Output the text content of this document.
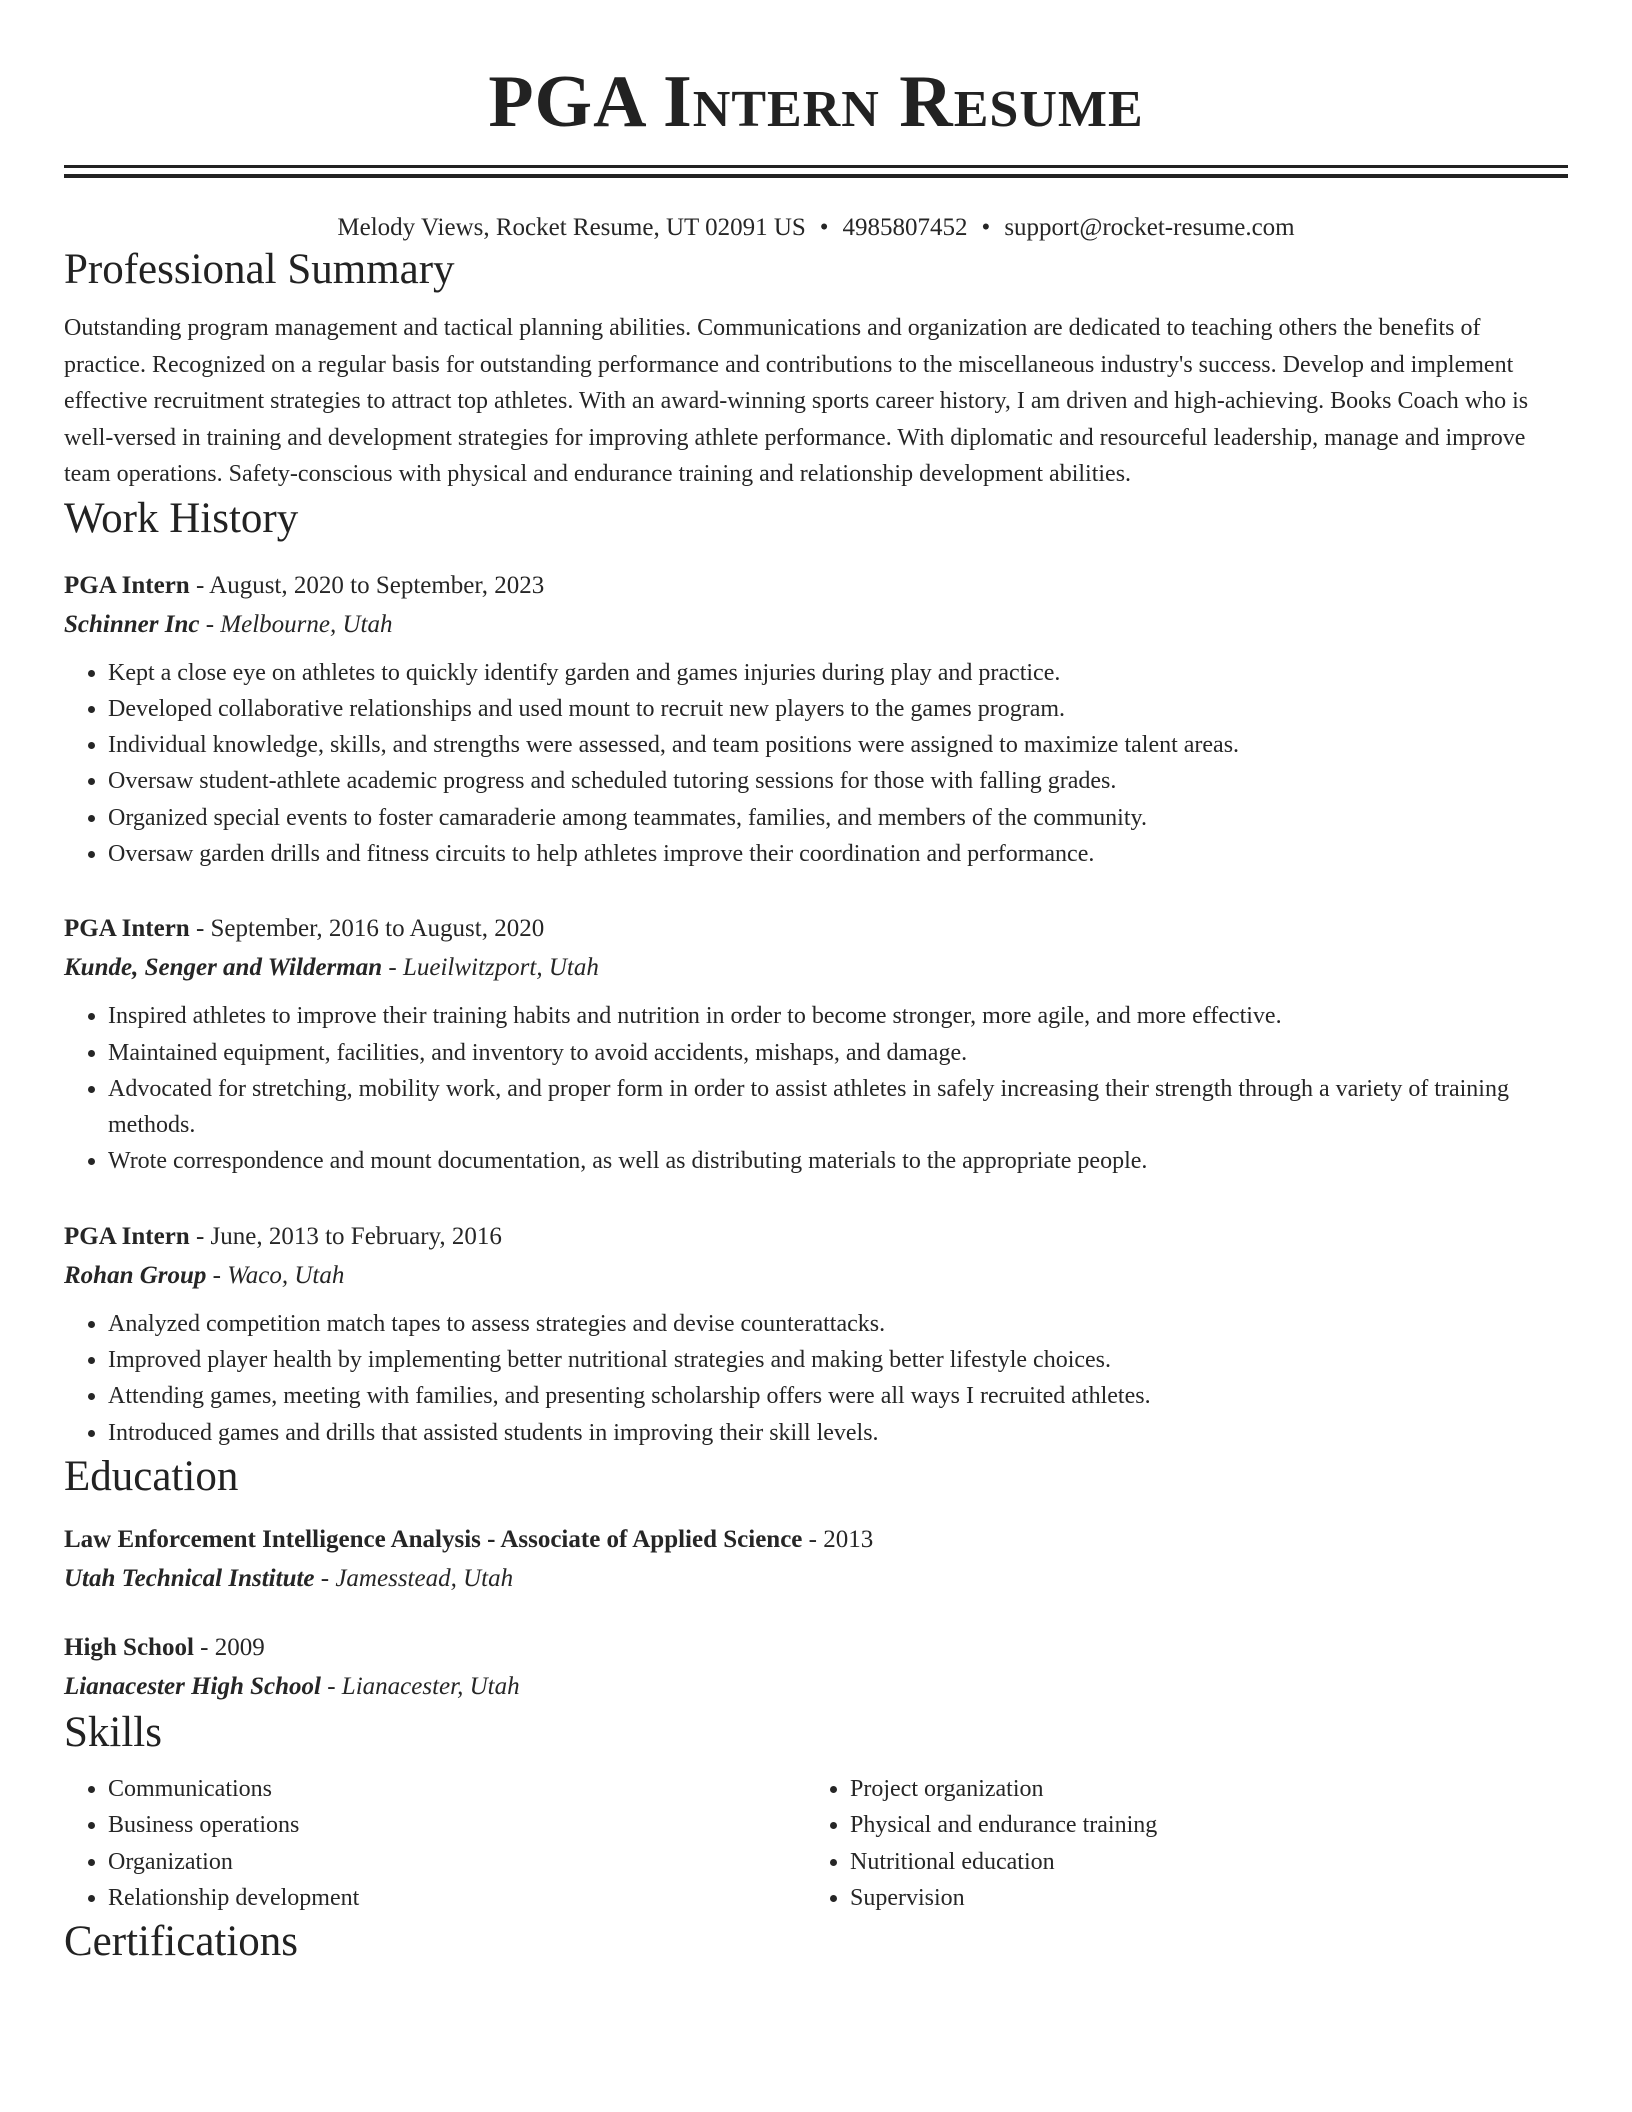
PGA Intern Resume
Melody Views, Rocket Resume, UT 02091 US • 4985807452 • support@rocket-resume.com
Professional Summary

Outstanding program management and tactical planning abilities. Communications and organization are dedicated to teaching others the benefits of practice. Recognized on a regular basis for outstanding performance and contributions to the miscellaneous industry's success. Develop and implement effective recruitment strategies to attract top athletes. With an award-winning sports career history, I am driven and high-achieving. Books Coach who is well-versed in training and development strategies for improving athlete performance. With diplomatic and resourceful leadership, manage and improve team operations. Safety-conscious with physical and endurance training and relationship development abilities.

Work History
PGA Intern - August, 2020 to September, 2023
Schinner Inc - Melbourne, Utah
• Kept a close eye on athletes to quickly identify garden and games injuries during play and practice.
• Developed collaborative relationships and used mount to recruit new players to the games program.
• Individual knowledge, skills, and strengths were assessed, and team positions were assigned to maximize talent areas.
• Oversaw student-athlete academic progress and scheduled tutoring sessions for those with falling grades.
• Organized special events to foster camaraderie among teammates, families, and members of the community.
• Oversaw garden drills and fitness circuits to help athletes improve their coordination and performance.
PGA Intern - September, 2016 to August, 2020
Kunde, Senger and Wilderman - Lueilwitzport, Utah
• Inspired athletes to improve their training habits and nutrition in order to become stronger, more agile, and more effective.
• Maintained equipment, facilities, and inventory to avoid accidents, mishaps, and damage.
• Advocated for stretching, mobility work, and proper form in order to assist athletes in safely increasing their strength through a variety of training methods.
• Wrote correspondence and mount documentation, as well as distributing materials to the appropriate people.
PGA Intern - June, 2013 to February, 2016
Rohan Group - Waco, Utah
• Analyzed competition match tapes to assess strategies and devise counterattacks.
• Improved player health by implementing better nutritional strategies and making better lifestyle choices.
• Attending games, meeting with families, and presenting scholarship offers were all ways I recruited athletes.
• Introduced games and drills that assisted students in improving their skill levels.
Education
Law Enforcement Intelligence Analysis - Associate of Applied Science - 2013
Utah Technical Institute - Jamesstead, Utah
High School - 2009
Lianacester High School - Lianacester, Utah
Skills
• Communications
• Business operations
• Organization
• Relationship development
• Project organization
• Physical and endurance training
• Nutritional education
• Supervision
Certifications
